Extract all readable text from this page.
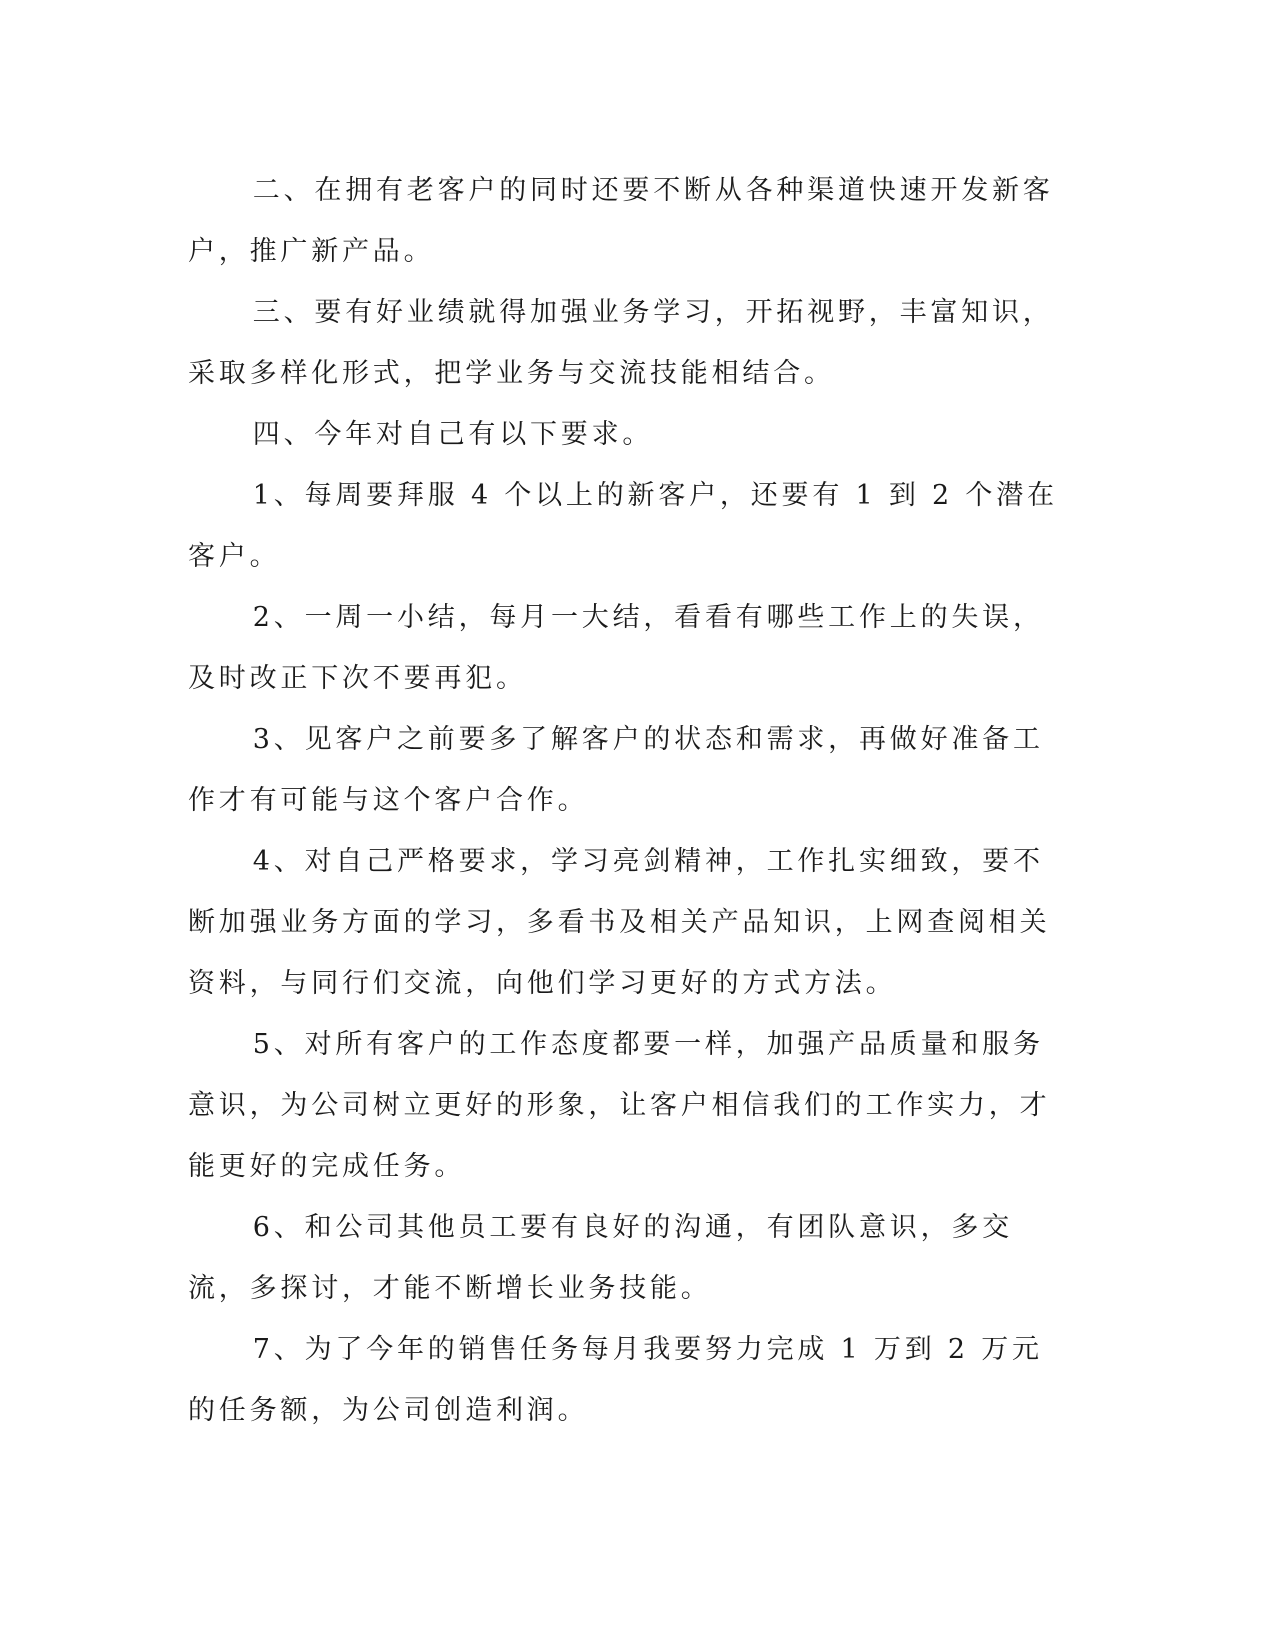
二、在拥有老客户的同时还要不断从各种渠道快速开发新客户，推广新产品。

三、要有好业绩就得加强业务学习，开拓视野，丰富知识，采取多样化形式，把学业务与交流技能相结合。

四、今年对自己有以下要求。

1、每周要拜服 4 个以上的新客户，还要有 1 到 2 个潜在客户。

2、一周一小结，每月一大结，看看有哪些工作上的失误，及时改正下次不要再犯。

3、见客户之前要多了解客户的状态和需求，再做好准备工作才有可能与这个客户合作。

4、对自己严格要求，学习亮剑精神，工作扎实细致，要不断加强业务方面的学习，多看书及相关产品知识，上网查阅相关资料，与同行们交流，向他们学习更好的方式方法。

5、对所有客户的工作态度都要一样，加强产品质量和服务意识，为公司树立更好的形象，让客户相信我们的工作实力，才能更好的完成任务。

6、和公司其他员工要有良好的沟通，有团队意识，多交流，多探讨，才能不断增长业务技能。

7、为了今年的销售任务每月我要努力完成 1 万到 2 万元的任务额，为公司创造利润。
